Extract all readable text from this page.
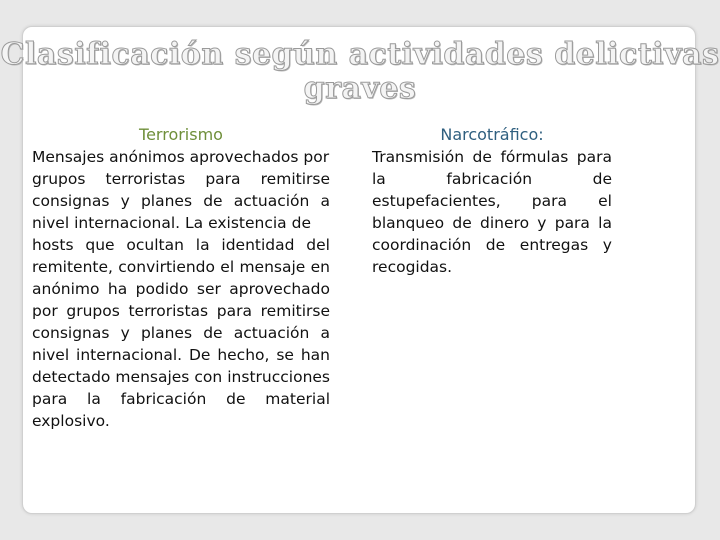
Clasificación según actividades delictivas graves

Terrorismo

Mensajes anónimos aprovechados por
grupos terroristas para remitirse consignas y planes de actuación a nivel internacional. La existencia de
hosts que ocultan la identidad del remitente, convirtiendo el mensaje en anónimo ha podido ser aprovechado por grupos terroristas para remitirse consignas y planes de actuación a nivel internacional. De hecho, se han detectado mensajes con instrucciones para la fabricación de material explosivo.

Narcotráfico:

Transmisión de fórmulas para la fabricación de estupefacientes, para el blanqueo de dinero y para la coordinación de entregas y recogidas.
